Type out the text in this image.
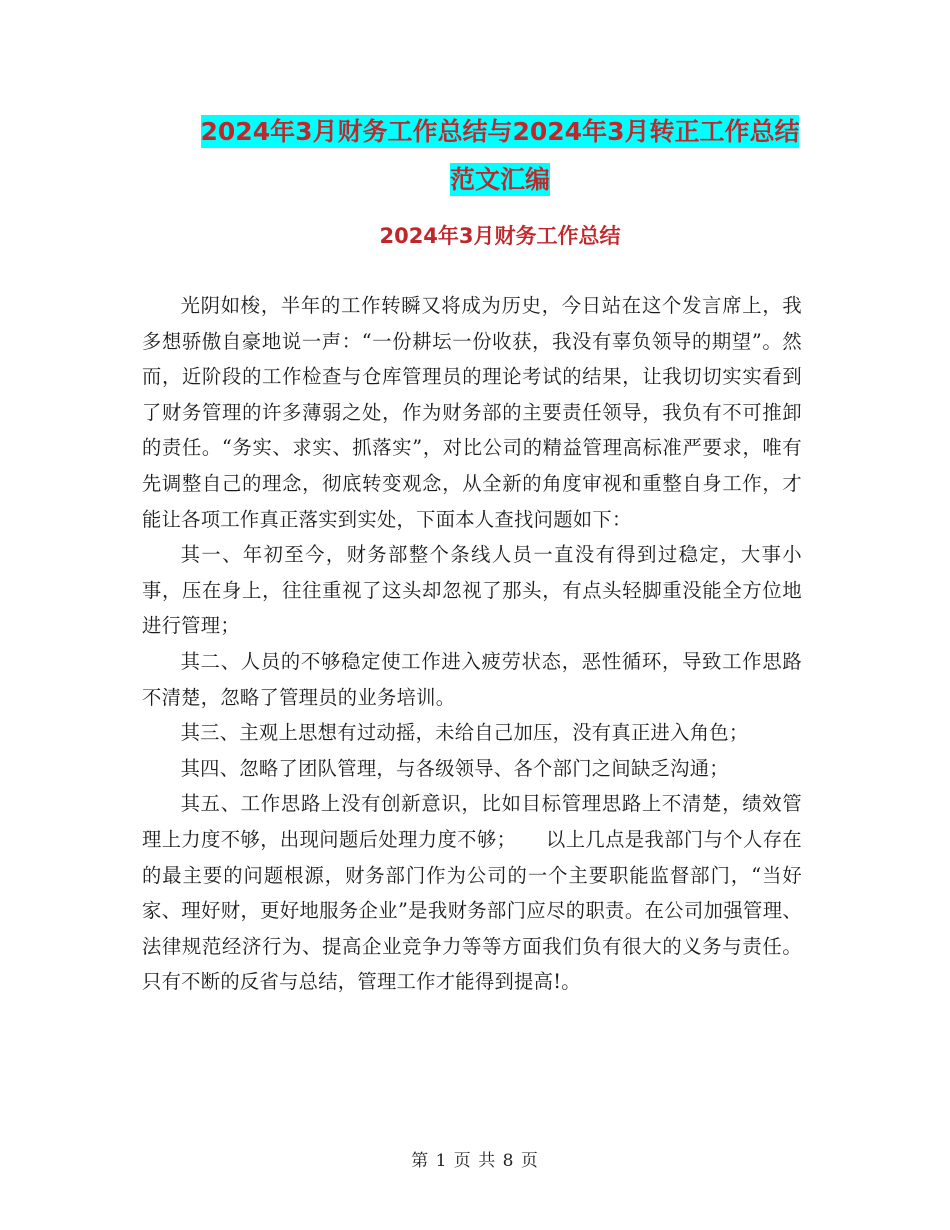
2024年3月财务工作总结与2024年3月转正工作总结
范文汇编
2024年3月财务工作总结

光阴如梭，半年的工作转瞬又将成为历史，今日站在这个发言席上，我多想骄傲自豪地说一声：“一份耕坛一份收获，我没有辜负领导的期望”。然而，近阶段的工作检查与仓库管理员的理论考试的结果，让我切切实实看到了财务管理的许多薄弱之处，作为财务部的主要责任领导，我负有不可推卸的责任。“务实、求实、抓落实”，对比公司的精益管理高标准严要求，唯有先调整自己的理念，彻底转变观念，从全新的角度审视和重整自身工作，才能让各项工作真正落实到实处，下面本人查找问题如下：

其一、年初至今，财务部整个条线人员一直没有得到过稳定，大事小事，压在身上，往往重视了这头却忽视了那头，有点头轻脚重没能全方位地进行管理；

其二、人员的不够稳定使工作进入疲劳状态，恶性循环，导致工作思路不清楚，忽略了管理员的业务培训。

其三、主观上思想有过动摇，未给自己加压，没有真正进入角色；

其四、忽略了团队管理，与各级领导、各个部门之间缺乏沟通；

其五、工作思路上没有创新意识，比如目标管理思路上不清楚，绩效管理上力度不够，出现问题后处理力度不够；　　以上几点是我部门与个人存在的最主要的问题根源，财务部门作为公司的一个主要职能监督部门，“当好家、理好财，更好地服务企业”是我财务部门应尽的职责。在公司加强管理、法律规范经济行为、提高企业竞争力等等方面我们负有很大的义务与责任。只有不断的反省与总结，管理工作才能得到提高!。

第 1 页 共 8 页
